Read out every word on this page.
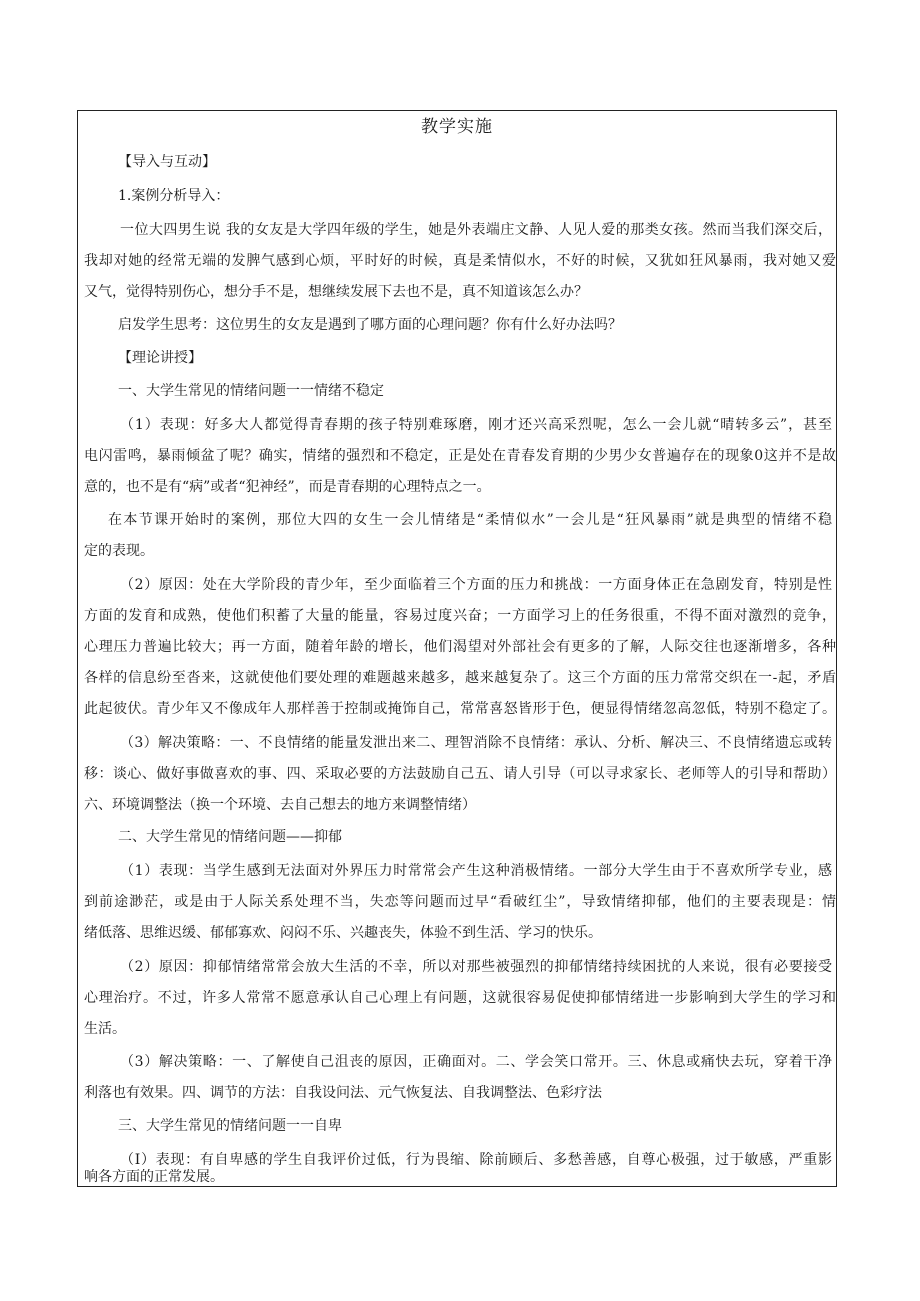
教学实施
【导入与互动】
1.案例分析导入：
一位大四男生说 我的女友是大学四年级的学生，她是外表端庄文静、人见人爱的那类女孩。然而当我们深交后，
我却对她的经常无端的发脾气感到心烦，平时好的时候，真是柔情似水，不好的时候，又犹如狂风暴雨，我对她又爱
又气，觉得特别伤心，想分手不是，想继续发展下去也不是，真不知道该怎么办？
启发学生思考：这位男生的女友是遇到了哪方面的心理问题？你有什么好办法吗？
【理论讲授】
一、大学生常见的情绪问题一一情绪不稳定
（1）表现：好多大人都觉得青春期的孩子特别难琢磨，刚才还兴高采烈呢，怎么一会儿就“晴转多云”，甚至
电闪雷鸣，暴雨倾盆了呢？确实，情绪的强烈和不稳定，正是处在青春发育期的少男少女普遍存在的现象0这并不是故
意的，也不是有“病”或者“犯神经”，而是青春期的心理特点之一。
在本节课开始时的案例，那位大四的女生一会儿情绪是“柔情似水”一会儿是“狂风暴雨”就是典型的情绪不稳
定的表现。
（2）原因：处在大学阶段的青少年，至少面临着三个方面的压力和挑战：一方面身体正在急剧发育，特别是性
方面的发育和成熟，使他们积蓄了大量的能量，容易过度兴奋；一方面学习上的任务很重，不得不面对激烈的竞争，
心理压力普遍比较大；再一方面，随着年龄的增长，他们渴望对外部社会有更多的了解，人际交往也逐渐增多，各种
各样的信息纷至沓来，这就使他们要处理的难题越来越多，越来越复杂了。这三个方面的压力常常交织在一-起，矛盾
此起彼伏。青少年又不像成年人那样善于控制或掩饰自己，常常喜怒皆形于色，便显得情绪忽高忽低，特别不稳定了。
（3）解决策略：一、不良情绪的能量发泄出来二、理智消除不良情绪：承认、分析、解决三、不良情绪遗忘或转
移：谈心、做好事做喜欢的事、四、采取必要的方法鼓励自己五、请人引导（可以寻求家长、老师等人的引导和帮助）
六、环境调整法（换一个环境、去自己想去的地方来调整情绪）
二、大学生常见的情绪问题——抑郁
（1）表现：当学生感到无法面对外界压力时常常会产生这种消极情绪。一部分大学生由于不喜欢所学专业，感
到前途渺茫，或是由于人际关系处理不当，失恋等问题而过早“看破红尘”，导致情绪抑郁，他们的主要表现是：情
绪低落、思维迟缓、郁郁寡欢、闷闷不乐、兴趣丧失，体验不到生活、学习的快乐。
（2）原因：抑郁情绪常常会放大生活的不幸，所以对那些被强烈的抑郁情绪持续困扰的人来说，很有必要接受
心理治疗。不过，许多人常常不愿意承认自己心理上有问题，这就很容易促使抑郁情绪进一步影响到大学生的学习和
生活。
（3）解决策略：一、了解使自己沮丧的原因，正确面对。二、学会笑口常开。三、休息或痛快去玩，穿着干净
利落也有效果。四、调节的方法：自我设问法、元气恢复法、自我调整法、色彩疗法
三、大学生常见的情绪问题一一自卑
（I）表现：有自卑感的学生自我评价过低，行为畏缩、除前顾后、多愁善感，自尊心极强，过于敏感，严重影
响各方面的正常发展。
